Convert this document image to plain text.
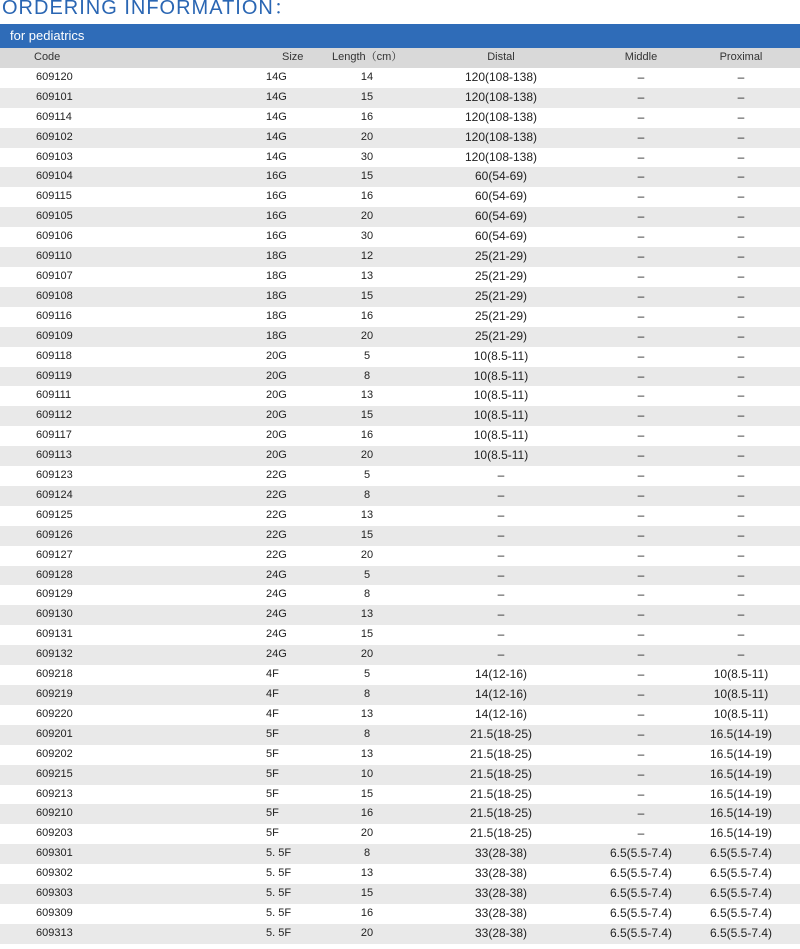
ORDERING INFORMATION：
for pediatrics
Code		Size	Length（cm）	Distal	Middle	Proximal
609120		14G	14	120(108-138)	–	–
609101		14G	15	120(108-138)	–	–
609114		14G	16	120(108-138)	–	–
609102		14G	20	120(108-138)	–	–
609103		14G	30	120(108-138)	–	–
609104		16G	15	60(54-69)	–	–
609115		16G	16	60(54-69)	–	–
609105		16G	20	60(54-69)	–	–
609106		16G	30	60(54-69)	–	–
609110		18G	12	25(21-29)	–	–
609107		18G	13	25(21-29)	–	–
609108		18G	15	25(21-29)	–	–
609116		18G	16	25(21-29)	–	–
609109		18G	20	25(21-29)	–	–
609118		20G	5	10(8.5-11)	–	–
609119		20G	8	10(8.5-11)	–	–
609111		20G	13	10(8.5-11)	–	–
609112		20G	15	10(8.5-11)	–	–
609117		20G	16	10(8.5-11)	–	–
609113		20G	20	10(8.5-11)	–	–
609123		22G	5	–	–	–
609124		22G	8	–	–	–
609125		22G	13	–	–	–
609126		22G	15	–	–	–
609127		22G	20	–	–	–
609128		24G	5	–	–	–
609129		24G	8	–	–	–
609130		24G	13	–	–	–
609131		24G	15	–	–	–
609132		24G	20	–	–	–
609218		4F	5	14(12-16)	–	10(8.5-11)
609219		4F	8	14(12-16)	–	10(8.5-11)
609220		4F	13	14(12-16)	–	10(8.5-11)
609201		5F	8	21.5(18-25)	–	16.5(14-19)
609202		5F	13	21.5(18-25)	–	16.5(14-19)
609215		5F	10	21.5(18-25)	–	16.5(14-19)
609213		5F	15	21.5(18-25)	–	16.5(14-19)
609210		5F	16	21.5(18-25)	–	16.5(14-19)
609203		5F	20	21.5(18-25)	–	16.5(14-19)
609301		5. 5F	8	33(28-38)	6.5(5.5-7.4)	6.5(5.5-7.4)
609302		5. 5F	13	33(28-38)	6.5(5.5-7.4)	6.5(5.5-7.4)
609303		5. 5F	15	33(28-38)	6.5(5.5-7.4)	6.5(5.5-7.4)
609309		5. 5F	16	33(28-38)	6.5(5.5-7.4)	6.5(5.5-7.4)
609313		5. 5F	20	33(28-38)	6.5(5.5-7.4)	6.5(5.5-7.4)
